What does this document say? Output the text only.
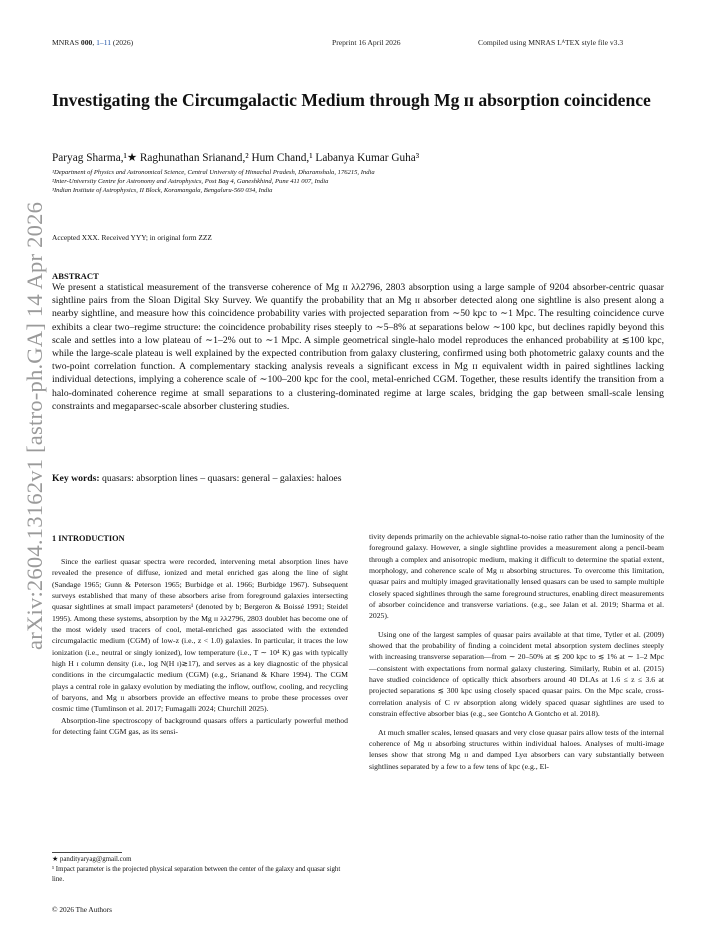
MNRAS 000, 1–11 (2026)	Preprint 16 April 2026	Compiled using MNRAS LᴬTEX style file v3.3
arXiv:2604.13162v1 [astro-ph.GA] 14 Apr 2026
Investigating the Circumgalactic Medium through Mg ɪɪ absorption coincidence
Paryag Sharma,¹★ Raghunathan Srianand,² Hum Chand,¹ Labanya Kumar Guha³
¹Department of Physics and Astronomical Science, Central University of Himachal Pradesh, Dharamshala, 176215, India
²Inter-University Centre for Astronomy and Astrophysics, Post Bag 4, Ganeshkhind, Pune 411 007, India
³Indian Institute of Astrophysics, II Block, Koramangala, Bengaluru-560 034, India
Accepted XXX. Received YYY; in original form ZZZ
ABSTRACT
We present a statistical measurement of the transverse coherence of Mg ɪɪ λλ2796, 2803 absorption using a large sample of 9204 absorber-centric quasar sightline pairs from the Sloan Digital Sky Survey. We quantify the probability that an Mg ɪɪ absorber detected along one sightline is also present along a nearby sightline, and measure how this coincidence probability varies with projected separation from ∼50 kpc to ∼1 Mpc. The resulting coincidence curve exhibits a clear two–regime structure: the coincidence probability rises steeply to ∼5–8% at separations below ∼100 kpc, but declines rapidly beyond this scale and settles into a low plateau of ∼1–2% out to ∼1 Mpc. A simple geometrical single-halo model reproduces the enhanced probability at ≲100 kpc, while the large-scale plateau is well explained by the expected contribution from galaxy clustering, confirmed using both photometric galaxy counts and the two-point correlation function. A complementary stacking analysis reveals a significant excess in Mg ɪɪ equivalent width in paired sightlines lacking individual detections, implying a coherence scale of ∼100–200 kpc for the cool, metal-enriched CGM. Together, these results identify the transition from a halo-dominated coherence regime at small separations to a clustering-dominated regime at large scales, bridging the gap between small-scale lensing constraints and megaparsec-scale absorber clustering studies.
Key words: quasars: absorption lines – quasars: general – galaxies: haloes
1 INTRODUCTION

Since the earliest quasar spectra were recorded, intervening metal absorption lines have revealed the presence of diffuse, ionized and metal enriched gas along the line of sight (Sandage 1965; Gunn & Peterson 1965; Burbidge et al. 1966; Burbidge 1967). Subsequent surveys established that many of these absorbers arise from foreground galaxies intersecting quasar sightlines at small impact parameters¹ (denoted by b; Bergeron & Boissé 1991; Steidel 1995). Among these systems, absorption by the Mg ɪɪ λλ2796, 2803 doublet has become one of the most widely used tracers of cool, metal-enriched gas associated with the extended circumgalactic medium (CGM) of low-z (i.e., z < 1.0) galaxies. In particular, it traces the low ionization (i.e., neutral or singly ionized), low temperature (i.e., T ∼ 10⁴ K) gas with typically high H ɪ column density (i.e., log N(H ɪ)≳17), and serves as a key diagnostic of the physical conditions in the circumgalactic medium (CGM) (e.g., Srianand & Khare 1994). The CGM plays a central role in galaxy evolution by mediating the inflow, outflow, cooling, and recycling of baryons, and Mg ɪɪ absorbers provide an effective means to probe these processes over cosmic time (Tumlinson et al. 2017; Fumagalli 2024; Churchill 2025).

Absorption-line spectroscopy of background quasars offers a particularly powerful method for detecting faint CGM gas, as its sensi-

★ pandityaryag@gmail.com
¹ Impact parameter is the projected physical separation between the center of the galaxy and quasar sight line.
© 2026 The Authors

tivity depends primarily on the achievable signal-to-noise ratio rather than the luminosity of the foreground galaxy. However, a single sightline provides a measurement along a pencil-beam through a complex and anisotropic medium, making it difficult to determine the spatial extent, morphology, and coherence scale of Mg ɪɪ absorbing structures. To overcome this limitation, quasar pairs and multiply imaged gravitationally lensed quasars can be used to sample multiple closely spaced sightlines through the same foreground structures, enabling direct measurements of absorber coincidence and transverse variations. (e.g., see Jalan et al. 2019; Sharma et al. 2025).

Using one of the largest samples of quasar pairs available at that time, Tytler et al. (2009) showed that the probability of finding a coincident metal absorption system declines steeply with increasing transverse separation—from ∼ 20–50% at ≲ 200 kpc to ≲ 1% at ∼ 1–2 Mpc—consistent with expectations from normal galaxy clustering. Similarly, Rubin et al. (2015) have studied coincidence of optically thick absorbers around 40 DLAs at 1.6 ≤ z ≤ 3.6 at projected separations ≲ 300 kpc using closely spaced quasar pairs. On the Mpc scale, cross-correlation analysis of C ɪᴠ absorption along widely spaced quasar sightlines are used to constrain effective absorber bias (e.g., see Gontcho A Gontcho et al. 2018).

At much smaller scales, lensed quasars and very close quasar pairs allow tests of the internal coherence of Mg ɪɪ absorbing structures within individual haloes. Analyses of multi-image lenses show that strong Mg ɪɪ and damped Lyα absorbers can vary substantially between sightlines separated by a few to a few tens of kpc (e.g., El-
